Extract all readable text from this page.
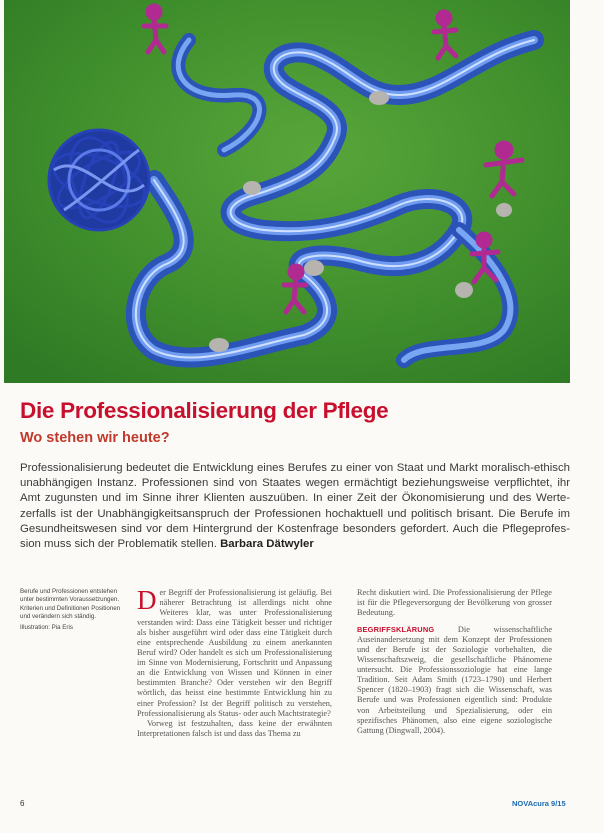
Die Professionalisierung der Pflege
Wo stehen wir heute?
Professionalisierung bedeutet die Entwicklung eines Berufes zu einer von Staat und Markt moralisch-ethisch unabhängigen Instanz. Professionen sind von Staates wegen ermächtigt beziehungsweise verpflichtet, ihr Amt zugunsten und im Sinne ihrer Klienten auszuüben. In einer Zeit der Ökonomisierung und des Werte-zerfalls ist der Unabhängigkeitsanspruch der Professionen hochaktuell und politisch brisant. Die Berufe im Gesundheitswesen sind vor dem Hintergrund der Kostenfrage besonders gefordert. Auch die Pflegeprofes-sion muss sich der Problematik stellen. Barbara Dätwyler
Berufe und Professionen entstehen unter bestimmten Voraussetzungen. Kriterien und Definitionen Positionen und verändern sich ständig.
Illustration: Pia Eris

Der Begriff der Professionalisierung ist geläufig. Bei näherer Betrachtung ist allerdings nicht ohne Weiteres klar, was unter Professionalisierung verstanden wird: Dass eine Tätigkeit besser und richtiger als bisher ausgeführt wird oder dass eine Tätigkeit durch eine entsprechende Ausbildung zu einem anerkannten Beruf wird? Oder handelt es sich um Professionalisierung im Sinne von Modernisierung, Fortschritt und Anpassung an die Entwicklung von Wissen und Können in einer bestimmten Branche? Oder verstehen wir den Begriff wörtlich, das heisst eine bestimmte Entwicklung hin zu einer Profession? Ist der Begriff politisch zu verstehen, Professionalisierung als Status- oder auch Machtstrategie?

Vorweg ist festzuhalten, dass keine der erwähnten Interpretationen falsch ist und dass das Thema zu

Recht diskutiert wird. Die Professionalisierung der Pflege ist für die Pflegeversorgung der Bevölkerung von grosser Bedeutung.

BEGRIFFSKLÄRUNG	Die wissenschaftliche Auseinandersetzung mit dem Konzept der Professionen und der Berufe ist der Soziologie vorbehalten, die Wissenschaftszweig, die gesellschaftliche Phänomene untersucht. Die Professionssoziologie hat eine lange Tradition. Seit Adam Smith (1723–1790) und Herbert Spencer (1820–1903) fragt sich die Wissenschaft, was Berufe und was Professionen eigentlich sind: Produkte von Arbeitsteilung und Spezialisierung, oder ein spezifisches Phänomen, also eine eigene soziologische Gattung (Dingwall, 2004).

6	NOVAcura 9/15
